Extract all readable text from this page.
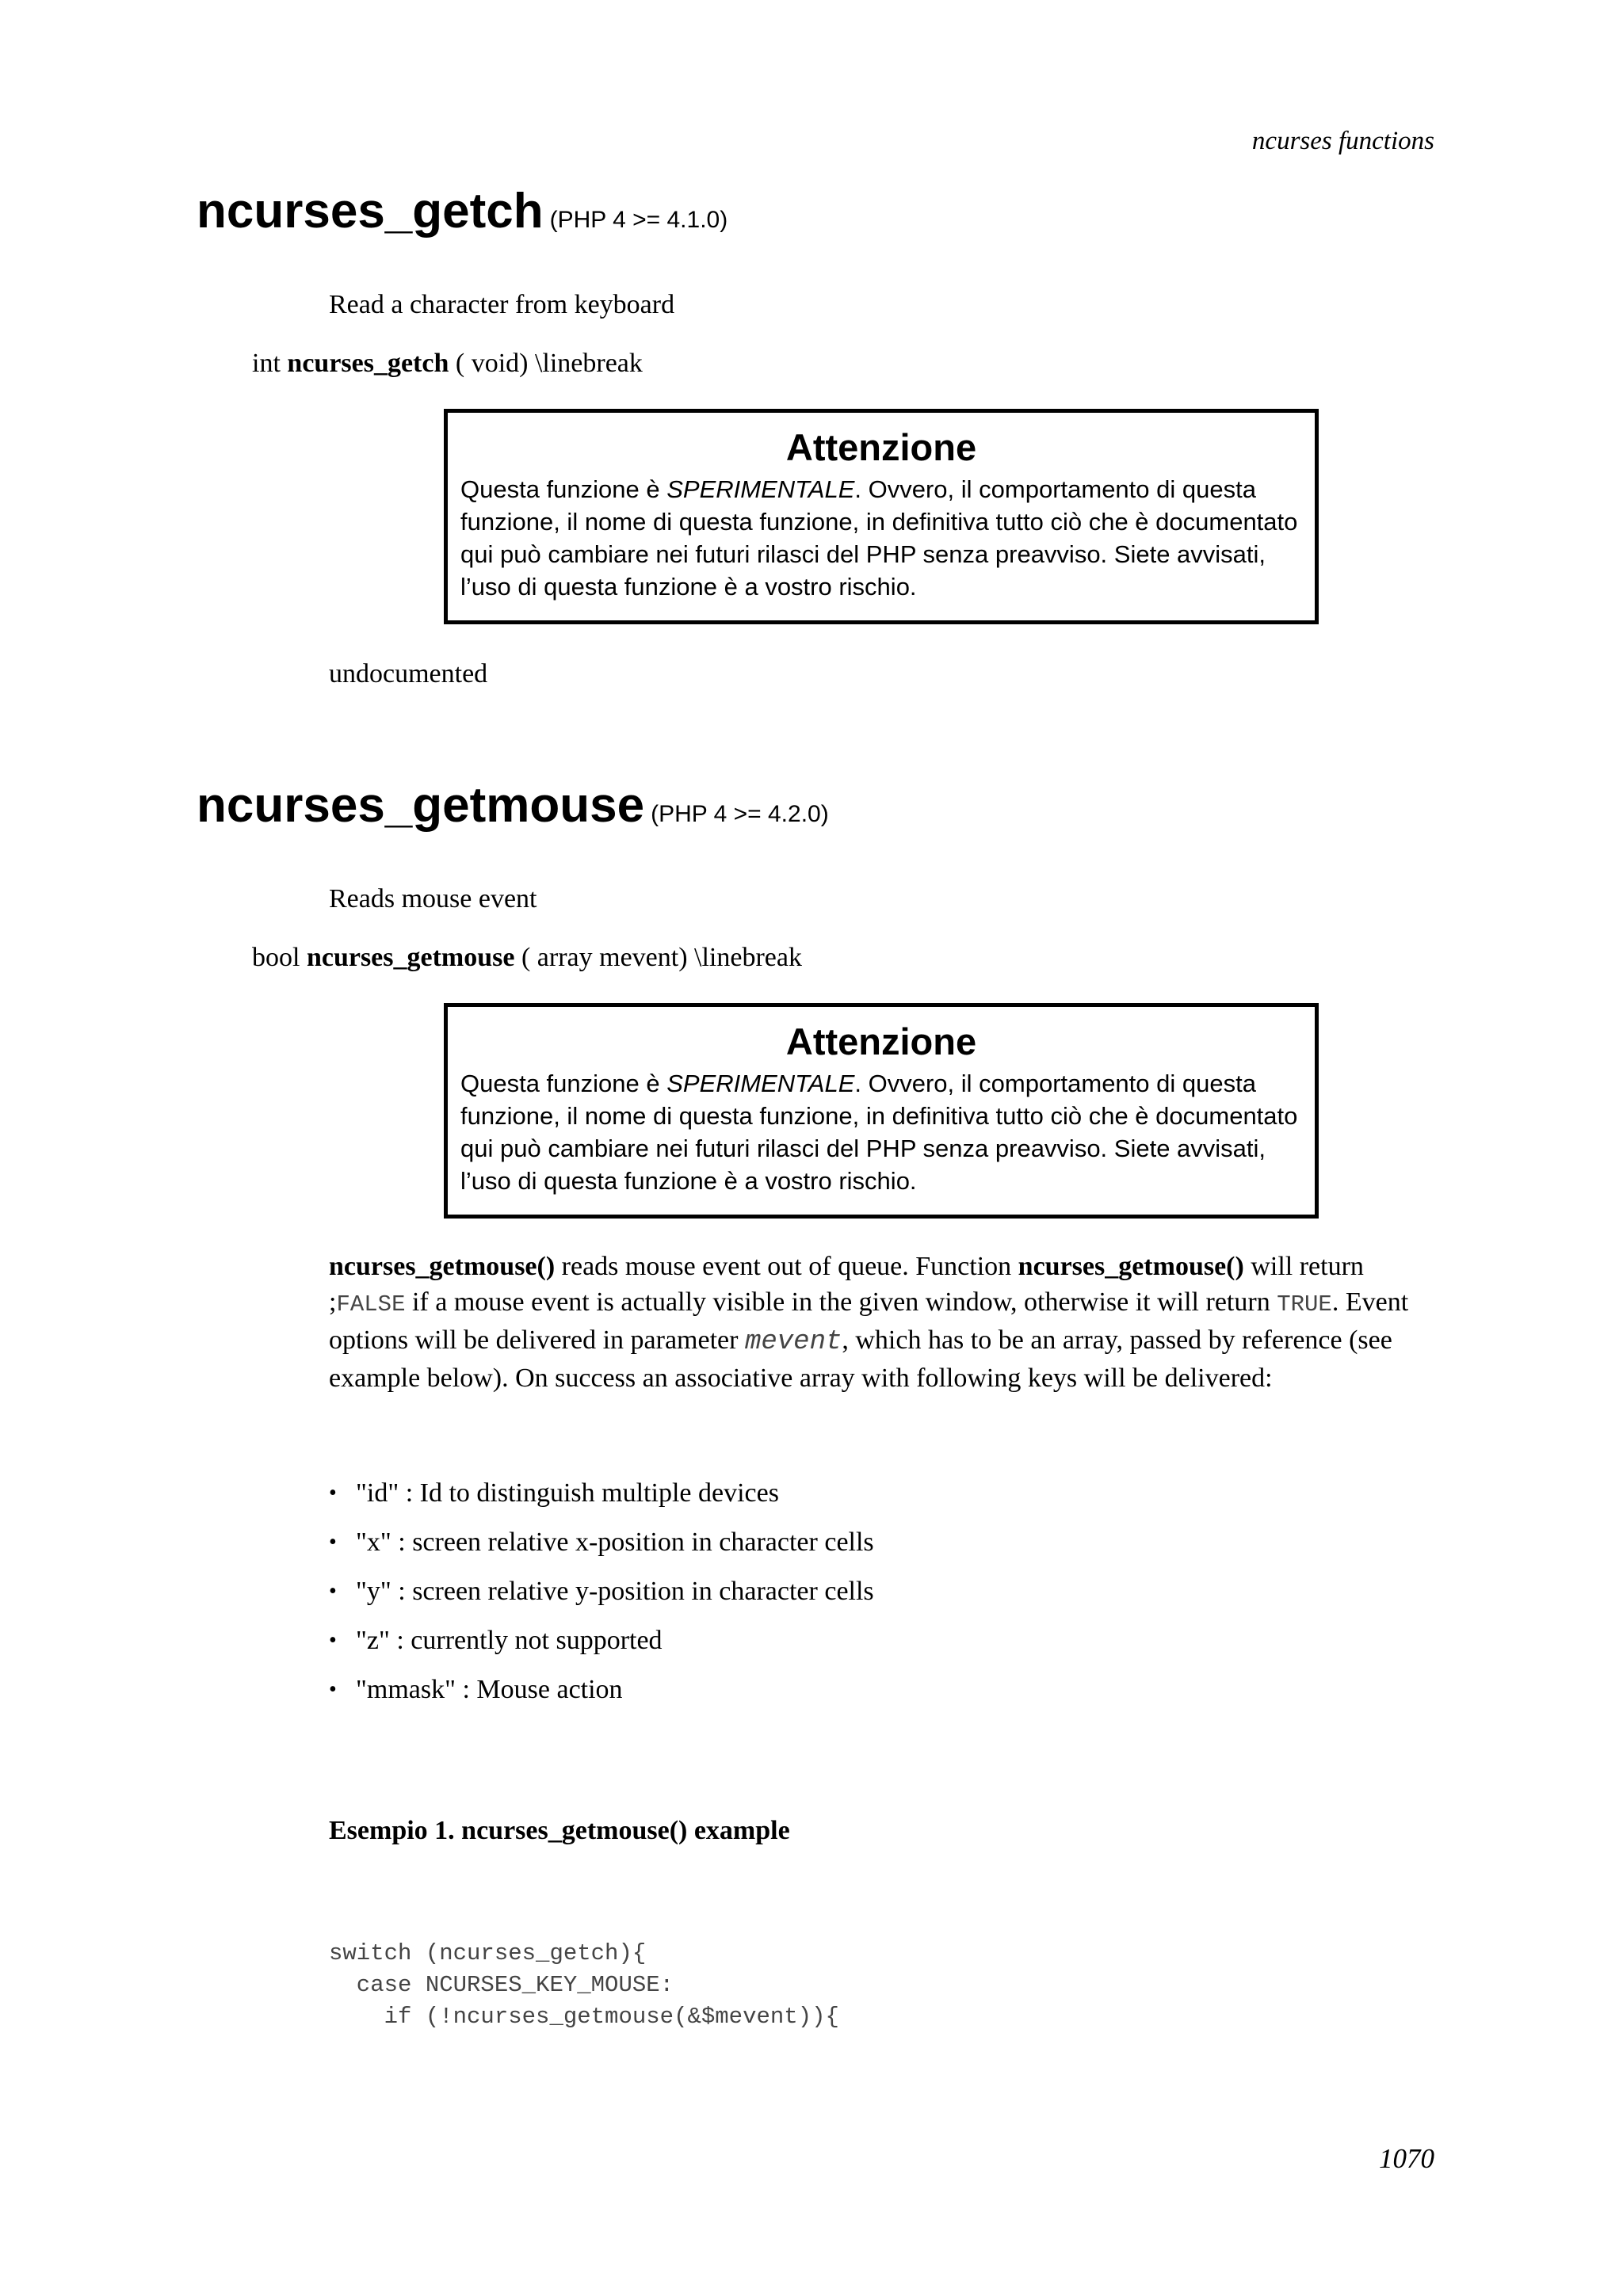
ncurses functions
ncurses_getch (PHP 4 >= 4.1.0)
Read a character from keyboard
int ncurses_getch ( void) \linebreak
Attenzione
Questa funzione è SPERIMENTALE. Ovvero, il comportamento di questa funzione, il nome di questa funzione, in definitiva tutto ciò che è documentato qui può cambiare nei futuri rilasci del PHP senza preavviso. Siete avvisati, l’uso di questa funzione è a vostro rischio.
undocumented
ncurses_getmouse (PHP 4 >= 4.2.0)
Reads mouse event
bool ncurses_getmouse ( array mevent) \linebreak
Attenzione
Questa funzione è SPERIMENTALE. Ovvero, il comportamento di questa funzione, il nome di questa funzione, in definitiva tutto ciò che è documentato qui può cambiare nei futuri rilasci del PHP senza preavviso. Siete avvisati, l’uso di questa funzione è a vostro rischio.
ncurses_getmouse() reads mouse event out of queue. Function ncurses_getmouse() will return ;FALSE if a mouse event is actually visible in the given window, otherwise it will return TRUE. Event options will be delivered in parameter mevent, which has to be an array, passed by reference (see example below). On success an associative array with following keys will be delivered:
• "id" : Id to distinguish multiple devices
• "x" : screen relative x-position in character cells
• "y" : screen relative y-position in character cells
• "z" : currently not supported
• "mmask" : Mouse action
Esempio 1. ncurses_getmouse() example
switch (ncurses_getch){
case NCURSES_KEY_MOUSE:
if (!ncurses_getmouse(&$mevent)){
1070
